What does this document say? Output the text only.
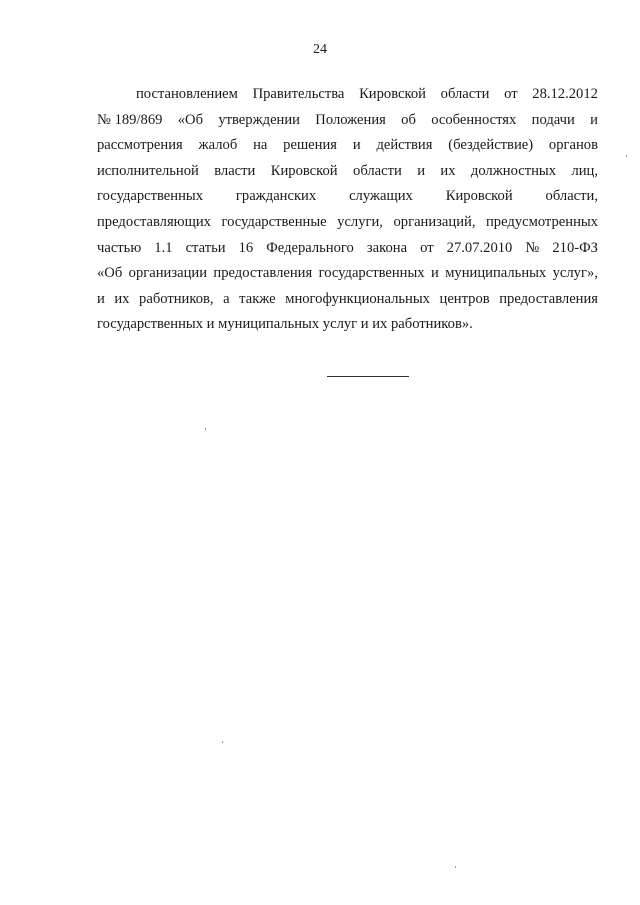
24
постановлением Правительства Кировской области от 28.12.2012
№ 189/869 «Об утверждении Положения об особенностях подачи и
рассмотрения жалоб на решения и действия (бездействие) органов
исполнительной власти Кировской области и их должностных лиц,
государственных гражданских служащих Кировской области,
предоставляющих государственные услуги, организаций, предусмотренных
частью 1.1 статьи 16 Федерального закона от 27.07.2010 № 210-ФЗ
«Об организации предоставления государственных и муниципальных услуг»,
и их работников, а также многофункциональных центров предоставления
государственных и муниципальных услуг и их работников».
